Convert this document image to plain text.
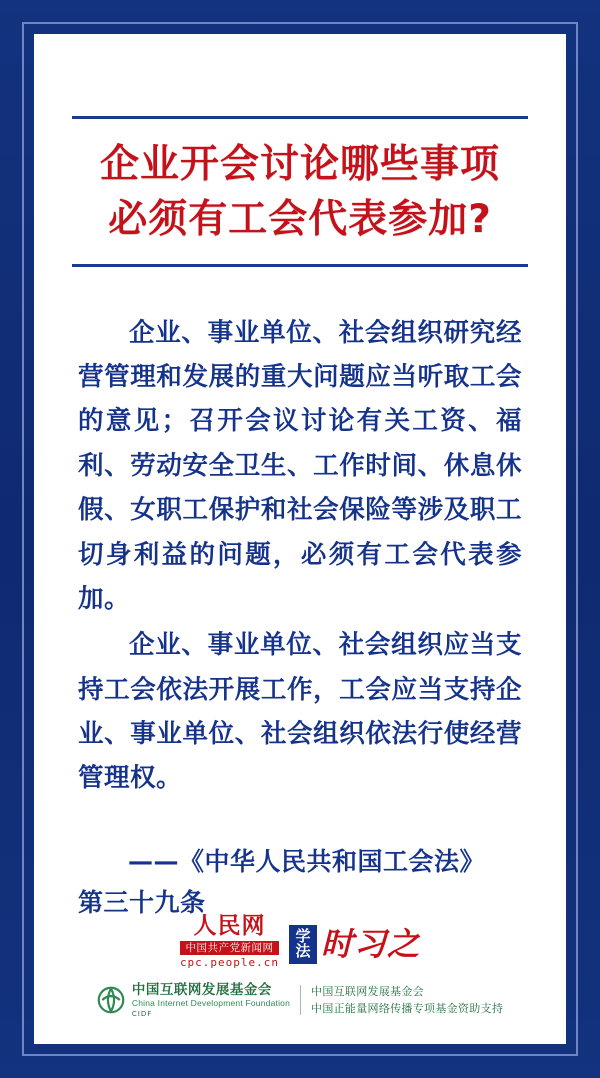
企业开会讨论哪些事项
必须有工会代表参加?

企业、事业单位、社会组织研究经营管理和发展的重大问题应当听取工会的意见；召开会议讨论有关工资、福利、劳动安全卫生、工作时间、休息休假、女职工保护和社会保险等涉及职工切身利益的问题，必须有工会代表参加。

企业、事业单位、社会组织应当支持工会依法开展工作，工会应当支持企业、事业单位、社会组织依法行使经营管理权。

——《中华人民共和国工会法》
第三十九条
人民网
中国共产党新闻网
cpc.people.cn
学法 时习之
中国互联网发展基金会
China Internet Development Foundation
CIDF
中国互联网发展基金会
中国正能量网络传播专项基金资助支持
